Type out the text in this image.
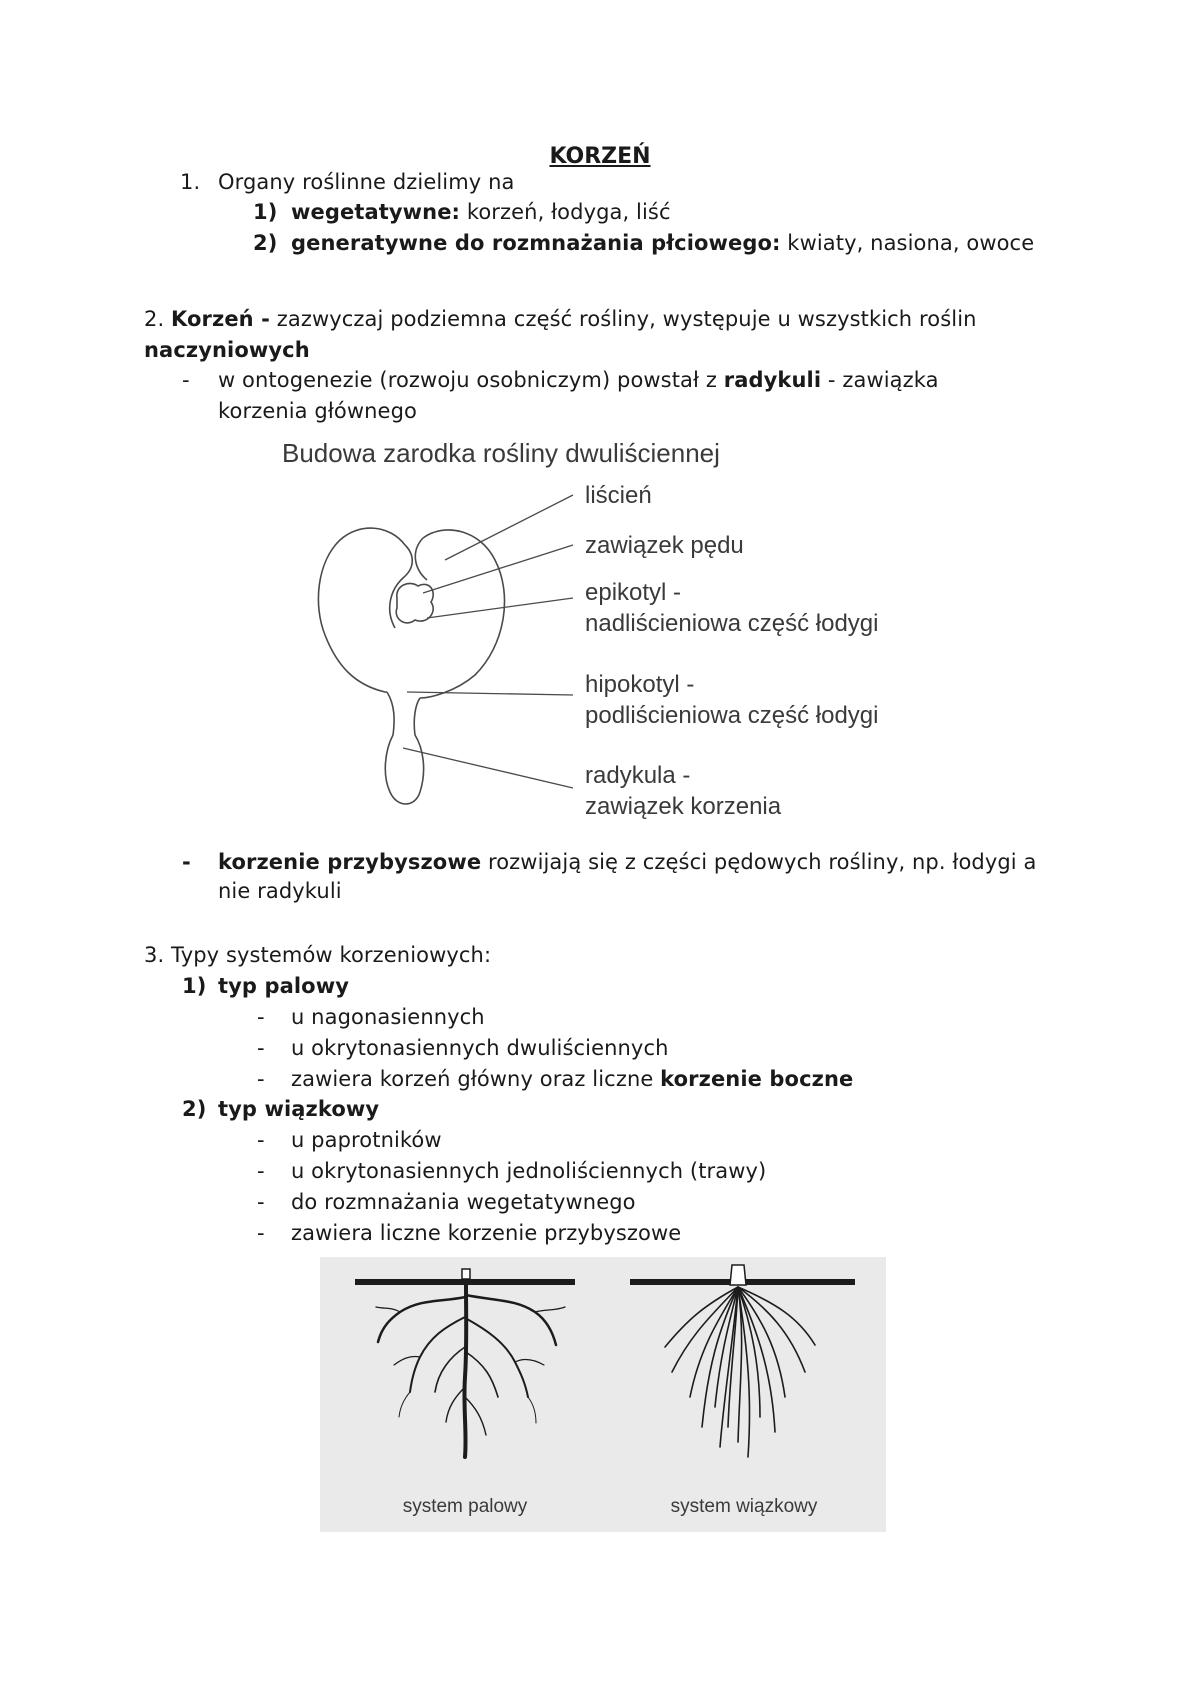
KORZEŃ
1. Organy roślinne dzielimy na
1) wegetatywne: korzeń, łodyga, liść
2) generatywne do rozmnażania płciowego: kwiaty, nasiona, owoce
2. Korzeń - zazwyczaj podziemna część rośliny, występuje u wszystkich roślin
naczyniowych
- w ontogenezie (rozwoju osobniczym) powstał z radykuli - zawiązka
korzenia głównego
Budowa zarodka rośliny dwuliściennej
liścień
zawiązek pędu
epikotyl -
nadliścieniowa część łodygi
hipokotyl -
podliścieniowa część łodygi
radykula -
zawiązek korzenia
- korzenie przybyszowe rozwijają się z części pędowych rośliny, np. łodygi a
nie radykuli
3. Typy systemów korzeniowych:
1) typ palowy
- u nagonasiennych
- u okrytonasiennych dwuliściennych
- zawiera korzeń główny oraz liczne korzenie boczne
2) typ wiązkowy
- u paprotników
- u okrytonasiennych jednoliściennych (trawy)
- do rozmnażania wegetatywnego
- zawiera liczne korzenie przybyszowe
system palowy	system wiązkowy
